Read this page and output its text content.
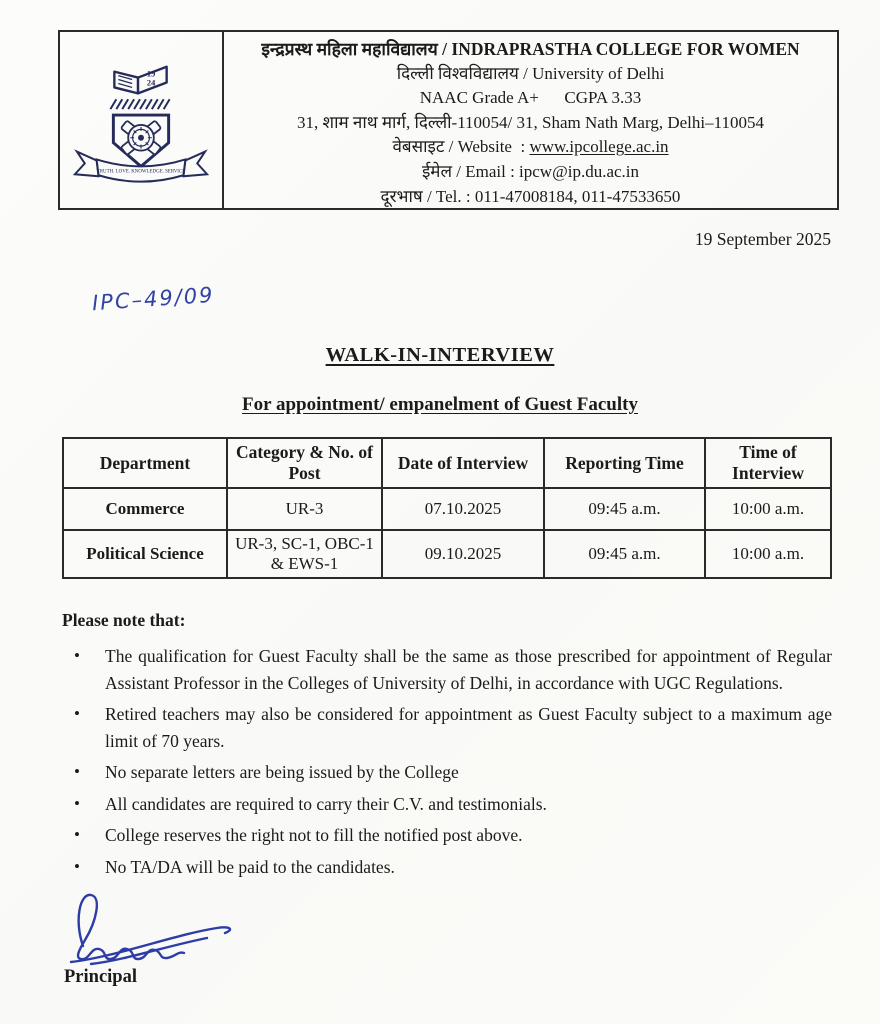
19
24
TRUTH. LOVE. KNOWLEDGE. SERVICE
इन्द्रप्रस्थ महिला महाविद्यालय / INDRAPRASTHA COLLEGE FOR WOMEN
दिल्ली विश्वविद्यालय / University of Delhi
NAAC Grade A+   CGPA 3.33
31, शाम नाथ मार्ग, दिल्ली-110054/ 31, Sham Nath Marg, Delhi–110054
वेबसाइट / Website : www.ipcollege.ac.in
ईमेल / Email : ipcw@ip.du.ac.in
दूरभाष / Tel. : 011-47008184, 011-47533650
19 September 2025
IPC–49/09
WALK-IN-INTERVIEW
For appointment/ empanelment of Guest Faculty
Department	Category & No. of Post	Date of Interview	Reporting Time	Time of Interview
Commerce	UR-3	07.10.2025	09:45 a.m.	10:00 a.m.
Political Science	UR-3, SC-1, OBC-1 & EWS-1	09.10.2025	09:45 a.m.	10:00 a.m.
Please note that:
• The qualification for Guest Faculty shall be the same as those prescribed for appointment of Regular Assistant Professor in the Colleges of University of Delhi, in accordance with UGC Regulations.
• Retired teachers may also be considered for appointment as Guest Faculty subject to a maximum age limit of 70 years.
• No separate letters are being issued by the College
• All candidates are required to carry their C.V. and testimonials.
• College reserves the right not to fill the notified post above.
• No TA/DA will be paid to the candidates.
Principal
